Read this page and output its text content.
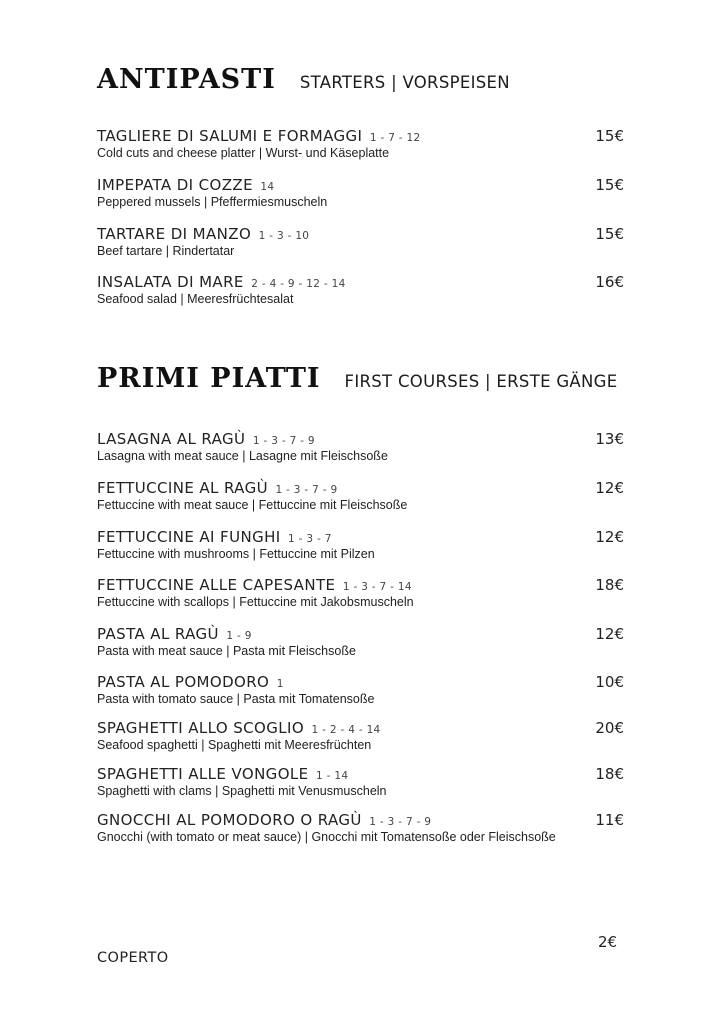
ANTIPASTI STARTERS | VORSPEISEN
TAGLIERE DI SALUMI E FORMAGGI 1 - 7 - 12	15€
Cold cuts and cheese platter | Wurst- und Käseplatte
IMPEPATA DI COZZE 14	15€
Peppered mussels | Pfeffermiesmuscheln
TARTARE DI MANZO 1 - 3 - 10	15€
Beef tartare | Rindertatar
INSALATA DI MARE 2 - 4 - 9 - 12 - 14	16€
Seafood salad | Meeresfrüchtesalat
PRIMI PIATTI FIRST COURSES | ERSTE GÄNGE
LASAGNA AL RAGÙ 1 - 3 - 7 - 9	13€
Lasagna with meat sauce | Lasagne mit Fleischsoße
FETTUCCINE AL RAGÙ 1 - 3 - 7 - 9	12€
Fettuccine with meat sauce | Fettuccine mit Fleischsoße
FETTUCCINE AI FUNGHI 1 - 3 - 7	12€
Fettuccine with mushrooms | Fettuccine mit Pilzen
FETTUCCINE ALLE CAPESANTE 1 - 3 - 7 - 14	18€
Fettuccine with scallops | Fettuccine mit Jakobsmuscheln
PASTA AL RAGÙ 1 - 9	12€
Pasta with meat sauce | Pasta mit Fleischsoße
PASTA AL POMODORO 1	10€
Pasta with tomato sauce | Pasta mit Tomatensoße
SPAGHETTI ALLO SCOGLIO 1 - 2 - 4 - 14	20€
Seafood spaghetti | Spaghetti mit Meeresfrüchten
SPAGHETTI ALLE VONGOLE 1 - 14	18€
Spaghetti with clams | Spaghetti mit Venusmuscheln
GNOCCHI AL POMODORO O RAGÙ 1 - 3 - 7 - 9	11€
Gnocchi (with tomato or meat sauce) | Gnocchi mit Tomatensoße oder Fleischsoße
2€
COPERTO
